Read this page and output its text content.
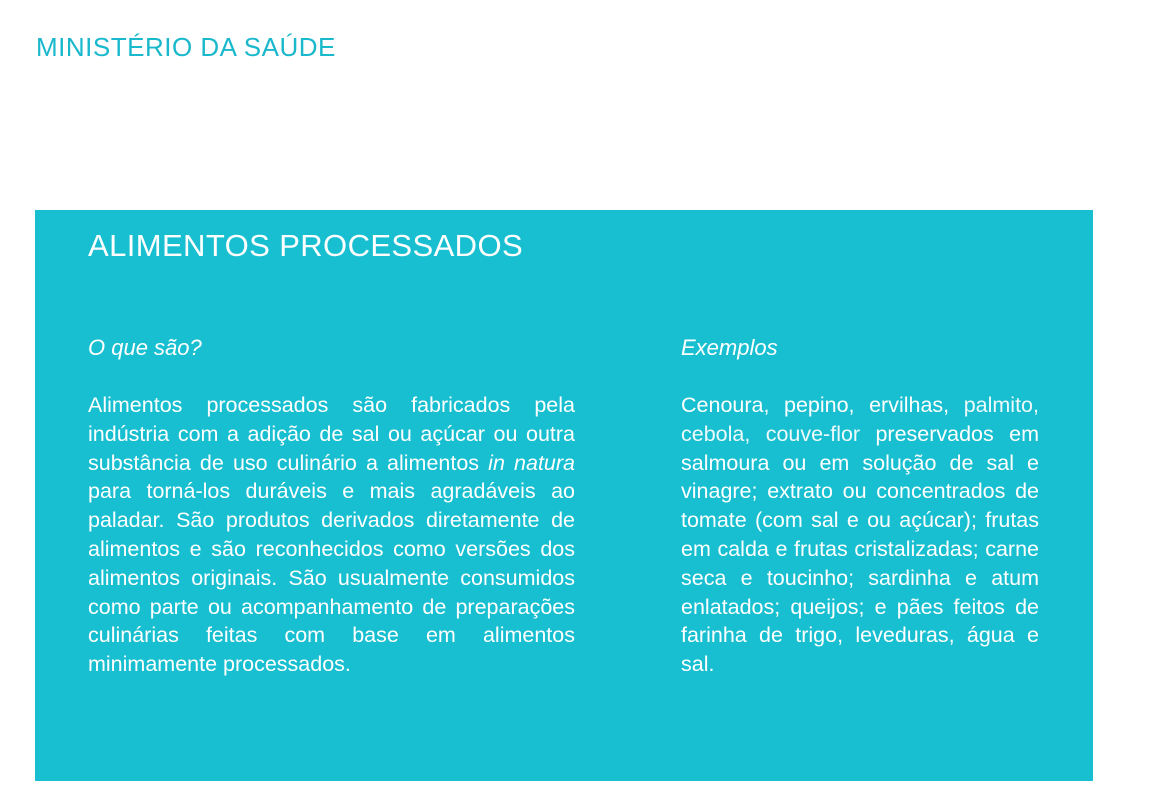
MINISTÉRIO DA SAÚDE
ALIMENTOS PROCESSADOS

O que são?

Alimentos processados são fabricados pela indústria com a adição de sal ou açúcar ou outra substância de uso culinário a alimentos in natura para torná-los duráveis e mais agradáveis ao paladar. São produtos derivados diretamente de alimentos e são reconhecidos como versões dos alimentos originais. São usualmente consumidos como parte ou acompanhamento de preparações culinárias feitas com base em alimentos minimamente processados.

Exemplos

Cenoura, pepino, ervilhas, palmito, cebola, couve-flor preservados em salmoura ou em solução de sal e vinagre; extrato ou concentrados de tomate (com sal e ou açúcar); frutas em calda e frutas cristalizadas; carne seca e toucinho; sardinha e atum enlatados; queijos; e pães feitos de farinha de trigo, leveduras, água e sal.
